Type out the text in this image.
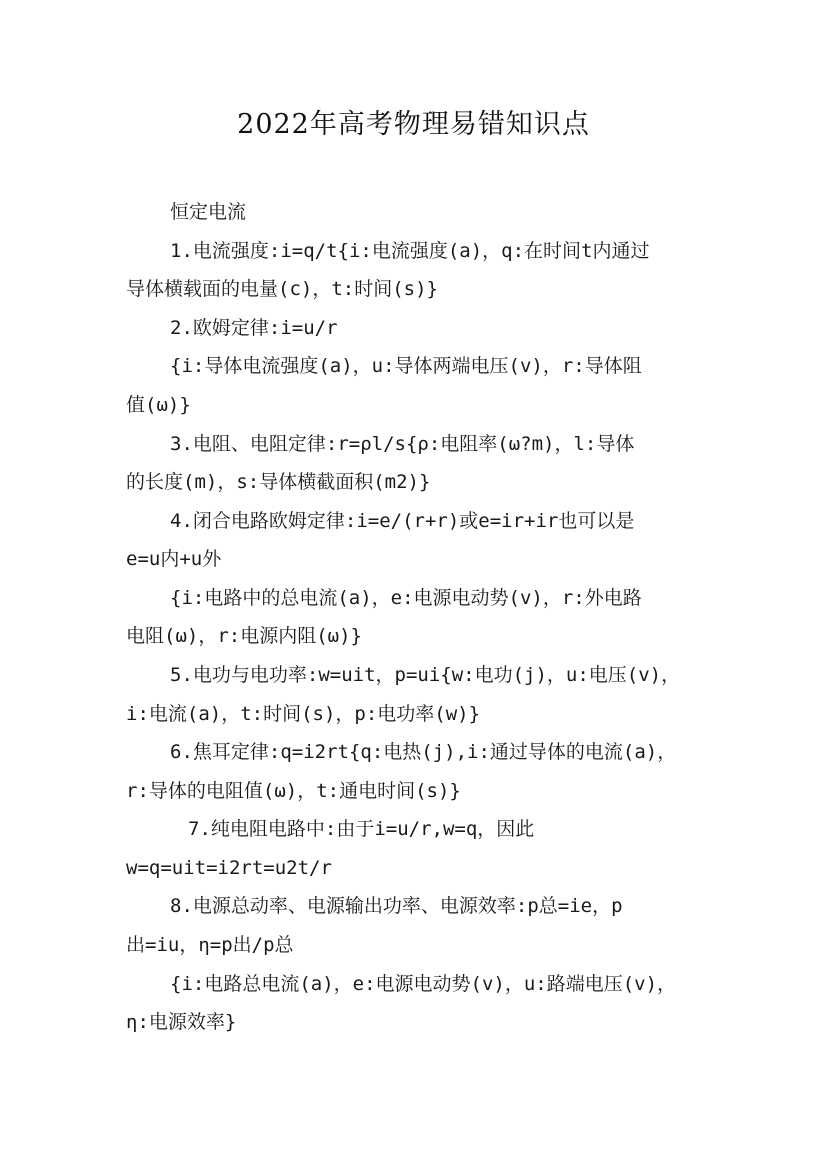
2022年高考物理易错知识点
恒定电流
1.电流强度:i=q/t{i:电流强度(a)，q:在时间t内通过
导体横载面的电量(c)，t:时间(s)}
2.欧姆定律:i=u/r
{i:导体电流强度(a)，u:导体两端电压(v)，r:导体阻
值(ω)}
3.电阻、电阻定律:r=ρl/s{ρ:电阻率(ω?m)，l:导体
的长度(m)，s:导体横截面积(m2)}
4.闭合电路欧姆定律:i=e/(r+r)或e=ir+ir也可以是
e=u内+u外
{i:电路中的总电流(a)，e:电源电动势(v)，r:外电路
电阻(ω)，r:电源内阻(ω)}
5.电功与电功率:w=uit，p=ui{w:电功(j)，u:电压(v)，
i:电流(a)，t:时间(s)，p:电功率(w)}
6.焦耳定律:q=i2rt{q:电热(j),i:通过导体的电流(a)，
r:导体的电阻值(ω)，t:通电时间(s)}
7.纯电阻电路中:由于i=u/r,w=q，因此
w=q=uit=i2rt=u2t/r
8.电源总动率、电源输出功率、电源效率:p总=ie，p
出=iu，η=p出/p总
{i:电路总电流(a)，e:电源电动势(v)，u:路端电压(v)，
η:电源效率}
